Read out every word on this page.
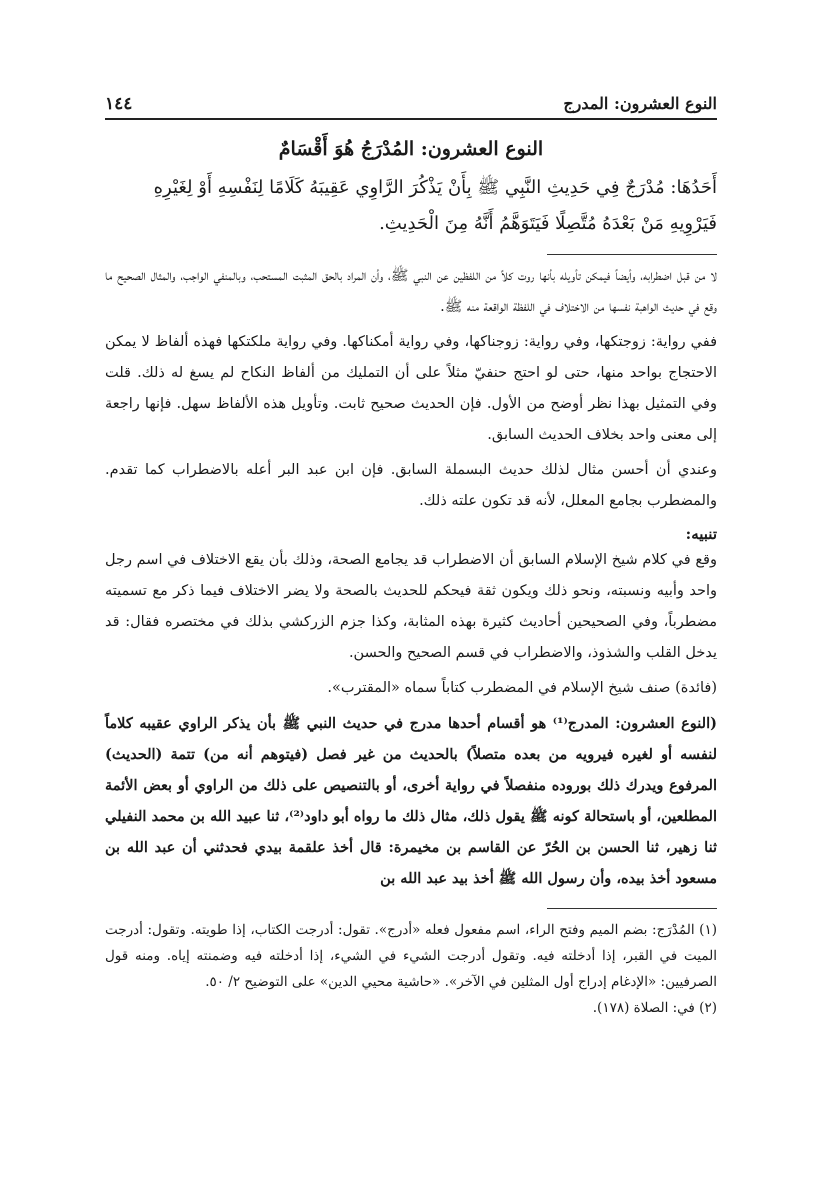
النوع العشرون: المدرج
١٤٤
النوع العشرون: المُدْرَجُ هُوَ أَقْسَامٌ

أَحَدُهَا: مُدْرَجٌ فِي حَدِيثِ النَّبِي ﷺ بِأَنْ يَذْكُرَ الرَّاوِي عَقِيبَهُ كَلَامًا لِنَفْسِهِ أَوْ لِغَيْرِهِ

فَيَرْوِيهِ مَنْ بَعْدَهُ مُتَّصِلًا فَيَتَوَهَّمُ أَنَّهُ مِنَ الْحَدِيثِ.

لا من قبل اضطرابه، وأيضاً فيمكن تأويله بأنها روت كلاً من اللفظين عن النبي ﷺ، وأن المراد بالحق المثبت المستحب، وبالمنفي الواجب، والمثال الصحيح ما وقع في حديث الواهبة نفسها من الاختلاف في اللفظة الواقعة منه ﷺ.

ففي رواية: زوجتكها، وفي رواية: زوجناكها، وفي رواية أمكناكها. وفي رواية ملكتكها فهذه ألفاظ لا يمكن الاحتجاج بواحد منها، حتى لو احتج حنفيّ مثلاً على أن التمليك من ألفاظ النكاح لم يسغ له ذلك. قلت وفي التمثيل بهذا نظر أوضح من الأول. فإن الحديث صحيح ثابت. وتأويل هذه الألفاظ سهل. فإنها راجعة إلى معنى واحد بخلاف الحديث السابق.

وعندي أن أحسن مثال لذلك حديث البسملة السابق. فإن ابن عبد البر أعله بالاضطراب كما تقدم. والمضطرب بجامع المعلل، لأنه قد تكون علته ذلك.

تنبيه:

وقع في كلام شيخ الإسلام السابق أن الاضطراب قد يجامع الصحة، وذلك بأن يقع الاختلاف في اسم رجل واحد وأبيه ونسبته، ونحو ذلك ويكون ثقة فيحكم للحديث بالصحة ولا يضر الاختلاف فيما ذكر مع تسميته مضطرباً، وفي الصحيحين أحاديث كثيرة بهذه المثابة، وكذا جزم الزركشي بذلك في مختصره فقال: قد يدخل القلب والشذوذ، والاضطراب في قسم الصحيح والحسن.

(فائدة) صنف شيخ الإسلام في المضطرب كتاباً سماه «المقترب».

(النوع العشرون: المدرج⁽¹⁾ هو أقسام أحدها مدرج في حديث النبي ﷺ بأن يذكر الراوي عقيبه كلاماً لنفسه أو لغيره فيرويه من بعده متصلاً) بالحديث من غير فصل (فيتوهم أنه من) تتمة (الحديث) المرفوع ويدرك ذلك بوروده منفصلاً في رواية أخرى، أو بالتنصيص على ذلك من الراوي أو بعض الأئمة المطلعين، أو باستحالة كونه ﷺ يقول ذلك، مثال ذلك ما رواه أبو داود⁽²⁾، ثنا عبيد الله بن محمد النفيلي ثنا زهير، ثنا الحسن بن الحُرّ عن القاسم بن مخيمرة: قال أخذ علقمة بيدي فحدثني أن عبد الله بن مسعود أخذ بيده، وأن رسول الله ﷺ أخذ بيد عبد الله بن

(١) المُدْرَج: بضم الميم وفتح الراء، اسم مفعول فعله «أدرج». تقول: أدرجت الكتاب، إذا طويته. وتقول: أدرجت الميت في القبر، إذا أدخلته فيه. وتقول أدرجت الشيء في الشيء، إذا أدخلته فيه وضمنته إياه. ومنه قول الصرفيين: «الإدغام إدراج أول المثلين في الآخر». «حاشية محيي الدين» على التوضيح ٢/ ٥٠.

(٢) في: الصلاة (١٧٨).
